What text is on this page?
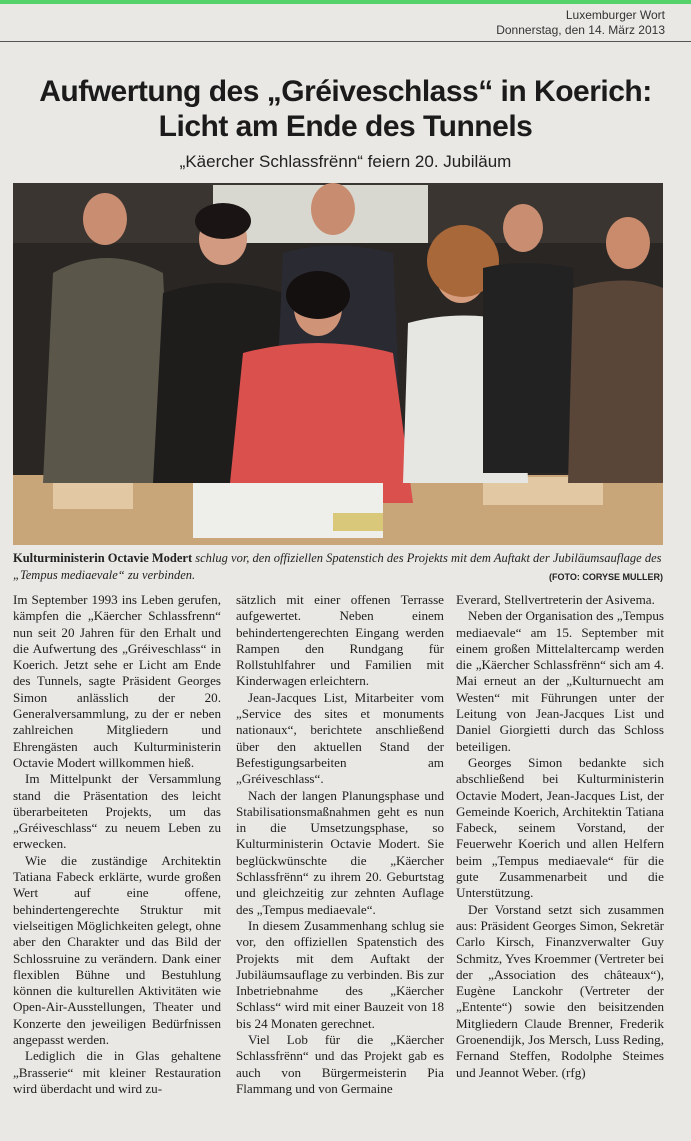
Luxemburger Wort
Donnerstag, den 14. März 2013
Aufwertung des „Gréiveschlass“ in Koerich:
Licht am Ende des Tunnels
„Käercher Schlassfrënn“ feiern 20. Jubiläum
Kulturministerin Octavie Modert schlug vor, den offiziellen Spatenstich des Projekts mit dem Auftakt der Jubiläumsauflage des „Tempus mediaevale“ zu verbinden.	(FOTO: CORYSE MULLER)

Im September 1993 ins Leben gerufen, kämpfen die „Käercher Schlassfrenn“ nun seit 20 Jahren für den Erhalt und die Aufwertung des „Gréiveschlass“ in Koerich. Jetzt sehe er Licht am Ende des Tunnels, sagte Präsident Georges Simon anlässlich der 20. Generalversammlung, zu der er neben zahlreichen Mitgliedern und Ehrengästen auch Kulturministerin Octavie Modert willkommen hieß.

Im Mittelpunkt der Versammlung stand die Präsentation des leicht überarbeiteten Projekts, um das „Gréiveschlass“ zu neuem Leben zu erwecken.

Wie die zuständige Architektin Tatiana Fabeck erklärte, wurde großen Wert auf eine offene, behindertengerechte Struktur mit vielseitigen Möglichkeiten gelegt, ohne aber den Charakter und das Bild der Schlossruine zu verändern. Dank einer flexiblen Bühne und Bestuhlung können die kulturellen Aktivitäten wie Open-Air-Ausstellungen, Theater und Konzerte den jeweiligen Bedürfnissen angepasst werden.

Lediglich die in Glas gehaltene „Brasserie“ mit kleiner Restauration wird überdacht und wird zu-

sätzlich mit einer offenen Terrasse aufgewertet. Neben einem behindertengerechten Eingang werden Rampen den Rundgang für Rollstuhlfahrer und Familien mit Kinderwagen erleichtern.

Jean-Jacques List, Mitarbeiter vom „Service des sites et monuments nationaux“, berichtete anschließend über den aktuellen Stand der Befestigungsarbeiten am „Gréiveschlass“.

Nach der langen Planungsphase und Stabilisationsmaßnahmen geht es nun in die Umsetzungsphase, so Kulturministerin Octavie Modert. Sie beglückwünschte die „Käercher Schlassfrënn“ zu ihrem 20. Geburtstag und gleichzeitig zur zehnten Auflage des „Tempus mediaevale“.

In diesem Zusammenhang schlug sie vor, den offiziellen Spatenstich des Projekts mit dem Auftakt der Jubiläumsauflage zu verbinden. Bis zur Inbetriebnahme des „Käercher Schlass“ wird mit einer Bauzeit von 18 bis 24 Monaten gerechnet.

Viel Lob für die „Käercher Schlassfrënn“ und das Projekt gab es auch von Bürgermeisterin Pia Flammang und von Germaine

Everard, Stellvertreterin der Asivema.

Neben der Organisation des „Tempus mediaevale“ am 15. September mit einem großen Mittelaltercamp werden die „Käercher Schlassfrënn“ sich am 4. Mai erneut an der „Kulturnuecht am Westen“ mit Führungen unter der Leitung von Jean-Jacques List und Daniel Giorgietti durch das Schloss beteiligen.

Georges Simon bedankte sich abschließend bei Kulturministerin Octavie Modert, Jean-Jacques List, der Gemeinde Koerich, Architektin Tatiana Fabeck, seinem Vorstand, der Feuerwehr Koerich und allen Helfern beim „Tempus mediaevale“ für die gute Zusammenarbeit und die Unterstützung.

Der Vorstand setzt sich zusammen aus: Präsident Georges Simon, Sekretär Carlo Kirsch, Finanzverwalter Guy Schmitz, Yves Kroemmer (Vertreter bei der „Association des châteaux“), Eugène Lanckohr (Vertreter der „Entente“) sowie den beisitzenden Mitgliedern Claude Brenner, Frederik Groenendijk, Jos Mersch, Luss Reding, Fernand Steffen, Rodolphe Steimes und Jeannot Weber. (rfg)
